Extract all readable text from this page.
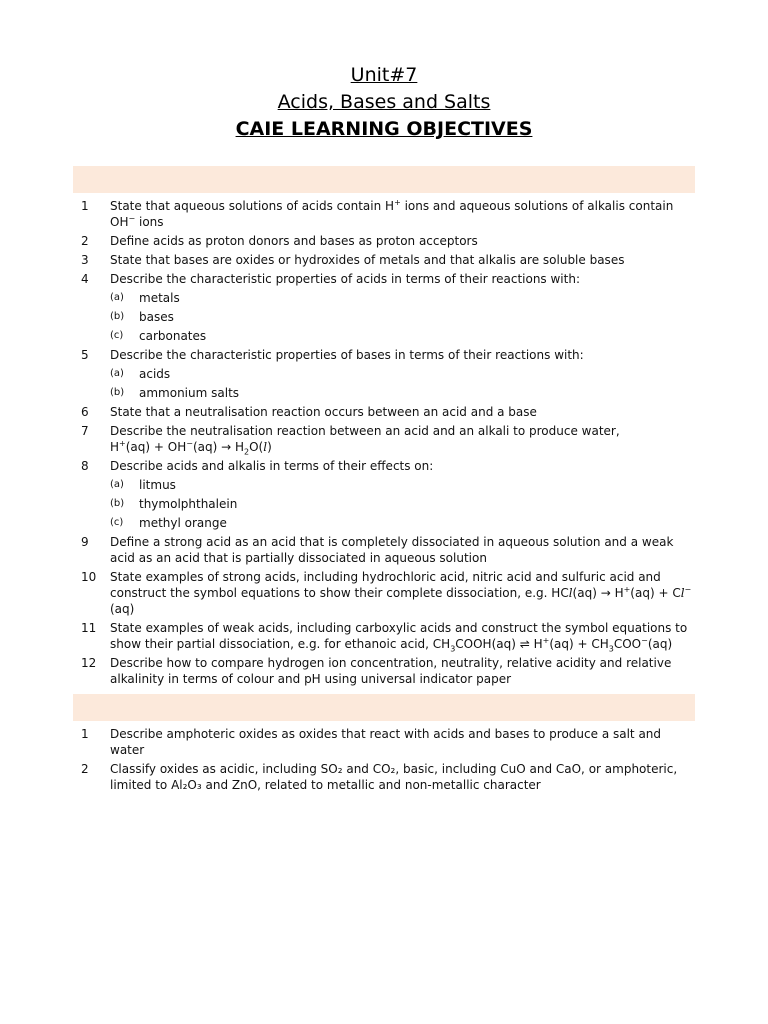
Unit#7
Acids, Bases and Salts
CAIE LEARNING OBJECTIVES
1 State that aqueous solutions of acids contain H+ ions and aqueous solutions of alkalis contain OH− ions
2 Define acids as proton donors and bases as proton acceptors
3 State that bases are oxides or hydroxides of metals and that alkalis are soluble bases
4 Describe the characteristic properties of acids in terms of their reactions with:
(a) metals
(b) bases
(c) carbonates
5 Describe the characteristic properties of bases in terms of their reactions with:
(a) acids
(b) ammonium salts
6 State that a neutralisation reaction occurs between an acid and a base
7 Describe the neutralisation reaction between an acid and an alkali to produce water,
$H^+(aq) + OH^-(aq) \to H_2O(l)$
8 Describe acids and alkalis in terms of their effects on:
(a) litmus
(b) thymolphthalein
(c) methyl orange
9 Define a strong acid as an acid that is completely dissociated in aqueous solution and a weak acid as an acid that is partially dissociated in aqueous solution
10 State examples of strong acids, including hydrochloric acid, nitric acid and sulfuric acid and construct the symbol equations to show their complete dissociation, e.g. HCl(aq) → H+(aq) + Cl−(aq)
11 State examples of weak acids, including carboxylic acids and construct the symbol equations to show their partial dissociation, e.g. for ethanoic acid, $CH_3COOH(aq)$ ⇌ $H^+(aq) + CH_3COO^-(aq)$
12 Describe how to compare hydrogen ion concentration, neutrality, relative acidity and relative alkalinity in terms of colour and pH using universal indicator paper
1 Describe amphoteric oxides as oxides that react with acids and bases to produce a salt and water
2 Classify oxides as acidic, including SO₂ and CO₂, basic, including CuO and CaO, or amphoteric, limited to Al₂O₃ and ZnO, related to metallic and non-metallic character
